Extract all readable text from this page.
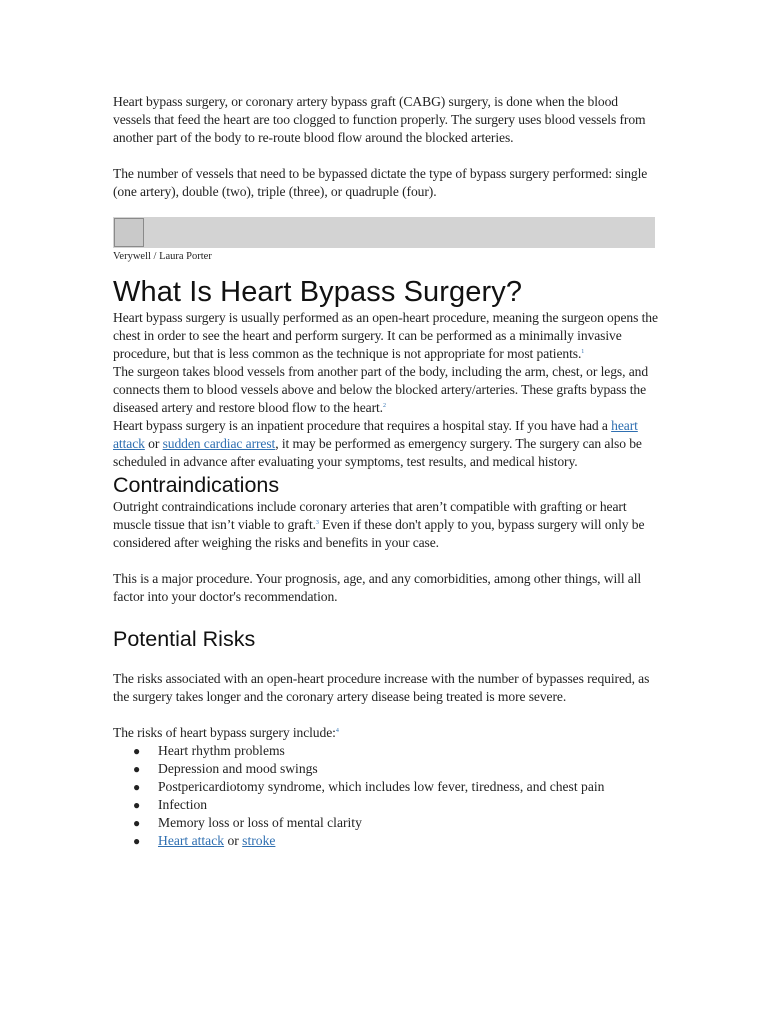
Heart bypass surgery, or coronary artery bypass graft (CABG) surgery, is done when the blood vessels that feed the heart are too clogged to function properly. The surgery uses blood vessels from another part of the body to re-route blood flow around the blocked arteries.

The number of vessels that need to be bypassed dictate the type of bypass surgery performed: single (one artery), double (two), triple (three), or quadruple (four).

Verywell / Laura Porter
What Is Heart Bypass Surgery?

Heart bypass surgery is usually performed as an open-heart procedure, meaning the surgeon opens the chest in order to see the heart and perform surgery. It can be performed as a minimally invasive procedure, but that is less common as the technique is not appropriate for most patients.$^1$

The surgeon takes blood vessels from another part of the body, including the arm, chest, or legs, and connects them to blood vessels above and below the blocked artery/arteries. These grafts bypass the diseased artery and restore blood flow to the heart.$^2$

Heart bypass surgery is an inpatient procedure that requires a hospital stay. If you have had a heart attack or sudden cardiac arrest, it may be performed as emergency surgery. The surgery can also be scheduled in advance after evaluating your symptoms, test results, and medical history.

Contraindications

Outright contraindications include coronary arteries that aren’t compatible with grafting or heart muscle tissue that isn’t viable to graft.$^3$ Even if these don't apply to you, bypass surgery will only be considered after weighing the risks and benefits in your case.

This is a major procedure. Your prognosis, age, and any comorbidities, among other things, will all factor into your doctor's recommendation.

Potential Risks

The risks associated with an open-heart procedure increase with the number of bypasses required, as the surgery takes longer and the coronary artery disease being treated is more severe.

The risks of heart bypass surgery include:$^4$

● Heart rhythm problems
● Depression and mood swings
● Postpericardiotomy syndrome, which includes low fever, tiredness, and chest pain
● Infection
● Memory loss or loss of mental clarity
● Heart attack or stroke
